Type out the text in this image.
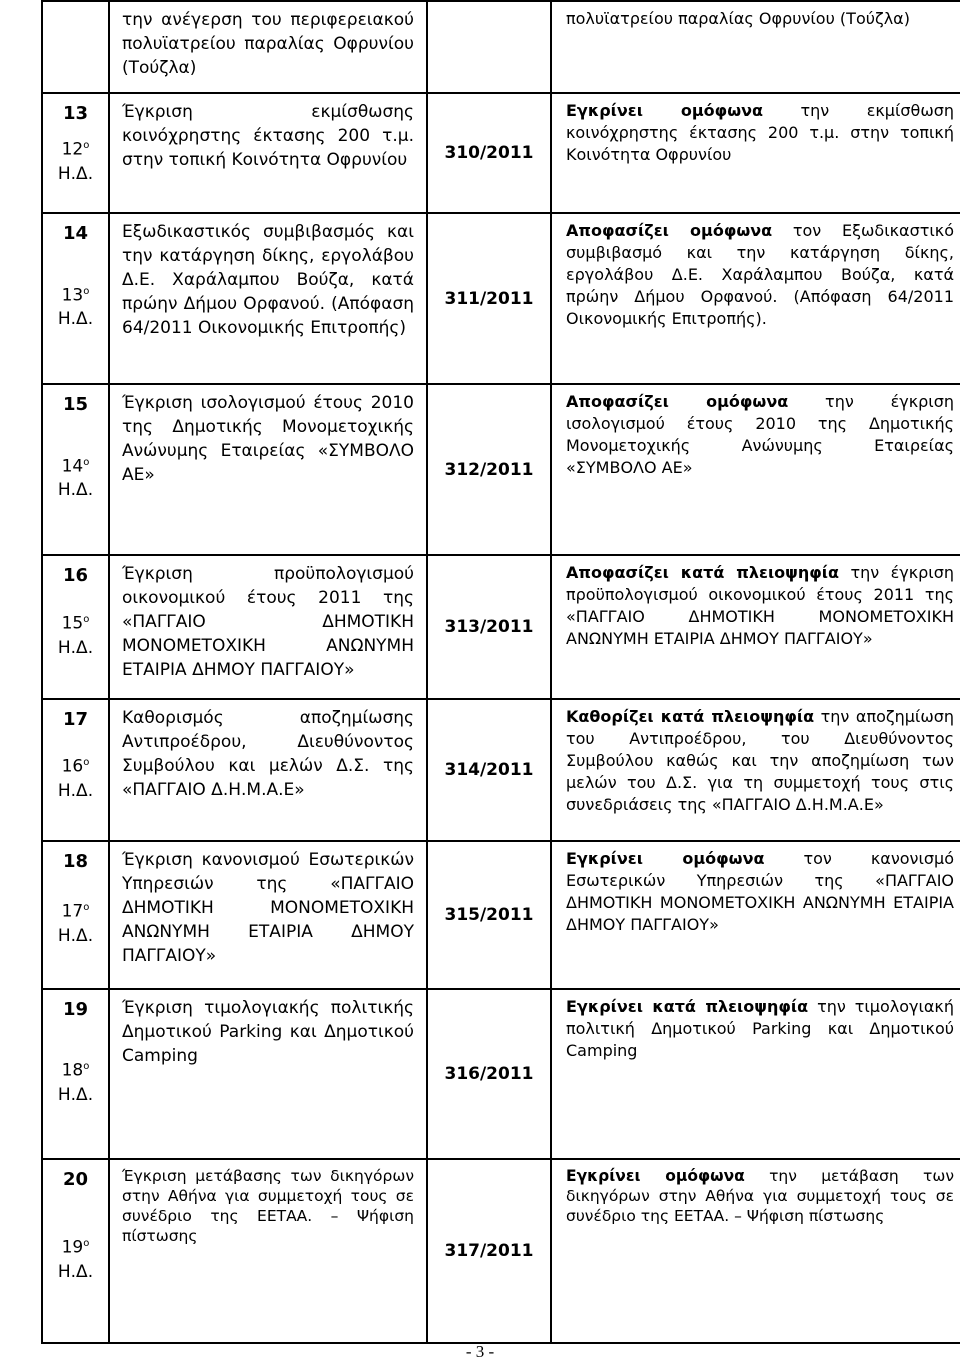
	την ανέγερση του περιφερειακού πολυϊατρείου παραλίας Οφρυνίου (Τούζλα)		πολυϊατρείου παραλίας Οφρυνίου (Τούζλα)

13
$12^o$
Η.Δ.	Έγκριση εκμίσθωσης κοινόχρηστης έκτασης 200 τ.μ. στην τοπική Κοινότητα Οφρυνίου	310/2011	Εγκρίνει ομόφωνα την εκμίσθωση κοινόχρηστης έκτασης 200 τ.μ. στην τοπική Κοινότητα Οφρυνίου

14
$13^o$
Η.Δ.	Εξωδικαστικός συμβιβασμός και την κατάργηση δίκης, εργολάβου Δ.Ε. Χαράλαμπου Βούζα, κατά πρώην Δήμου Ορφανού. (Απόφαση 64/2011 Οικονομικής Επιτροπής)	311/2011	Αποφασίζει ομόφωνα τον Εξωδικαστικό συμβιβασμό και την κατάργηση δίκης, εργολάβου Δ.Ε. Χαράλαμπου Βούζα, κατά πρώην Δήμου Ορφανού. (Απόφαση 64/2011 Οικονομικής Επιτροπής).

15
$14^o$
Η.Δ.	Έγκριση ισολογισμού έτους 2010 της Δημοτικής Μονομετοχικής Ανώνυμης Εταιρείας «ΣΥΜΒΟΛΟ ΑΕ»	312/2011	Αποφασίζει ομόφωνα την έγκριση ισολογισμού έτους 2010 της Δημοτικής Μονομετοχικής Ανώνυμης Εταιρείας «ΣΥΜΒΟΛΟ ΑΕ»

16
$15^o$
Η.Δ.	Έγκριση προϋπολογισμού οικονομικού έτους 2011 της «ΠΑΓΓΑΙΟ ΔΗΜΟΤΙΚΗ ΜΟΝΟΜΕΤΟΧΙΚΗ ΑΝΩΝΥΜΗ ΕΤΑΙΡΙΑ ΔΗΜΟΥ ΠΑΓΓΑΙΟΥ»	313/2011	Αποφασίζει κατά πλειοψηφία την έγκριση προϋπολογισμού οικονομικού έτους 2011 της «ΠΑΓΓΑΙΟ ΔΗΜΟΤΙΚΗ ΜΟΝΟΜΕΤΟΧΙΚΗ ΑΝΩΝΥΜΗ ΕΤΑΙΡΙΑ ΔΗΜΟΥ ΠΑΓΓΑΙΟΥ»

17
$16^o$
Η.Δ.	Καθορισμός αποζημίωσης Αντιπροέδρου, Διευθύνοντος Συμβούλου και μελών Δ.Σ. της «ΠΑΓΓΑΙΟ Δ.Η.Μ.Α.Ε»	314/2011	Καθορίζει κατά πλειοψηφία την αποζημίωση του Αντιπροέδρου, του Διευθύνοντος Συμβούλου καθώς και την αποζημίωση των μελών του Δ.Σ. για τη συμμετοχή τους στις συνεδριάσεις της «ΠΑΓΓΑΙΟ Δ.Η.Μ.Α.Ε»

18
$17^o$
Η.Δ.	Έγκριση κανονισμού Εσωτερικών Υπηρεσιών της «ΠΑΓΓΑΙΟ ΔΗΜΟΤΙΚΗ ΜΟΝΟΜΕΤΟΧΙΚΗ ΑΝΩΝΥΜΗ ΕΤΑΙΡΙΑ ΔΗΜΟΥ ΠΑΓΓΑΙΟΥ»	315/2011	Εγκρίνει ομόφωνα τον κανονισμό Εσωτερικών Υπηρεσιών της «ΠΑΓΓΑΙΟ ΔΗΜΟΤΙΚΗ ΜΟΝΟΜΕΤΟΧΙΚΗ ΑΝΩΝΥΜΗ ΕΤΑΙΡΙΑ ΔΗΜΟΥ ΠΑΓΓΑΙΟΥ»

19
$18^o$
Η.Δ.	Έγκριση τιμολογιακής πολιτικής Δημοτικού Parking και Δημοτικού Camping	316/2011	Εγκρίνει κατά πλειοψηφία την τιμολογιακή πολιτική Δημοτικού Parking και Δημοτικού Camping

20
$19^o$
Η.Δ.	Έγκριση μετάβασης των δικηγόρων στην Αθήνα για συμμετοχή τους σε συνέδριο της ΕΕΤΑΑ. – Ψήφιση πίστωσης	317/2011	Εγκρίνει ομόφωνα την μετάβαση των δικηγόρων στην Αθήνα για συμμετοχή τους σε συνέδριο της ΕΕΤΑΑ. – Ψήφιση πίστωσης
- 3 -
